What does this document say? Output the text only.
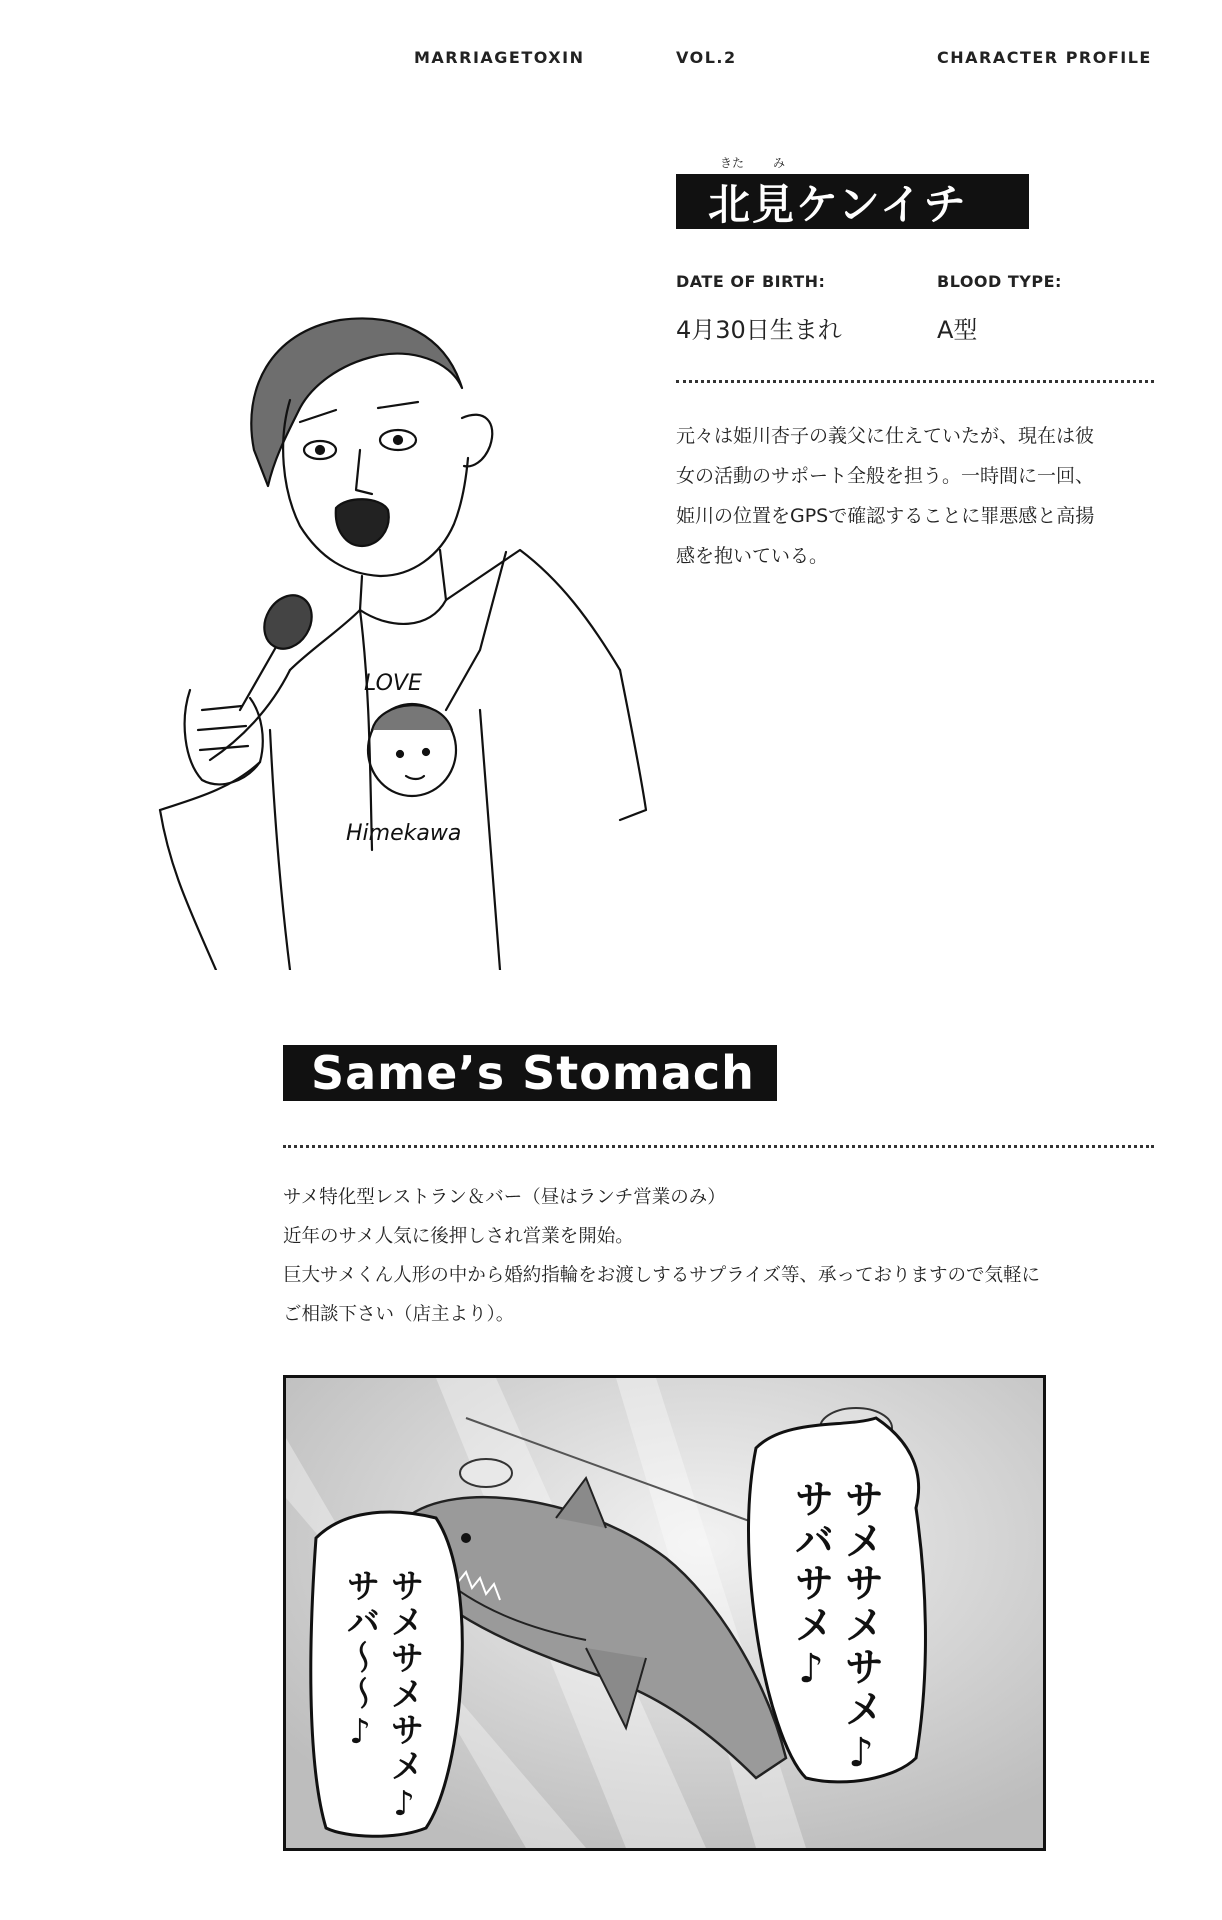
MARRIAGETOXIN	VOL.2	CHARACTER PROFILE
きた み
北見ケンイチ
DATE OF BIRTH:	BLOOD TYPE:
4月30日生まれ	A型
元々は姫川杏子の義父に仕えていたが、現在は彼
女の活動のサポート全般を担う。一時間に一回、
姫川の位置をGPSで確認することに罪悪感と高揚
感を抱いている。
LOVE
Himekawa
Same’s Stomach
サメ特化型レストラン＆バー（昼はランチ営業のみ）
近年のサメ人気に後押しされ営業を開始。
巨大サメくん人形の中から婚約指輪をお渡しするサプライズ等、承っておりますので気軽に
ご相談下さい（店主より）。
サメサメサメ♪
サバサメ♪
サメサメサメ♪
サバ〜〜♪
